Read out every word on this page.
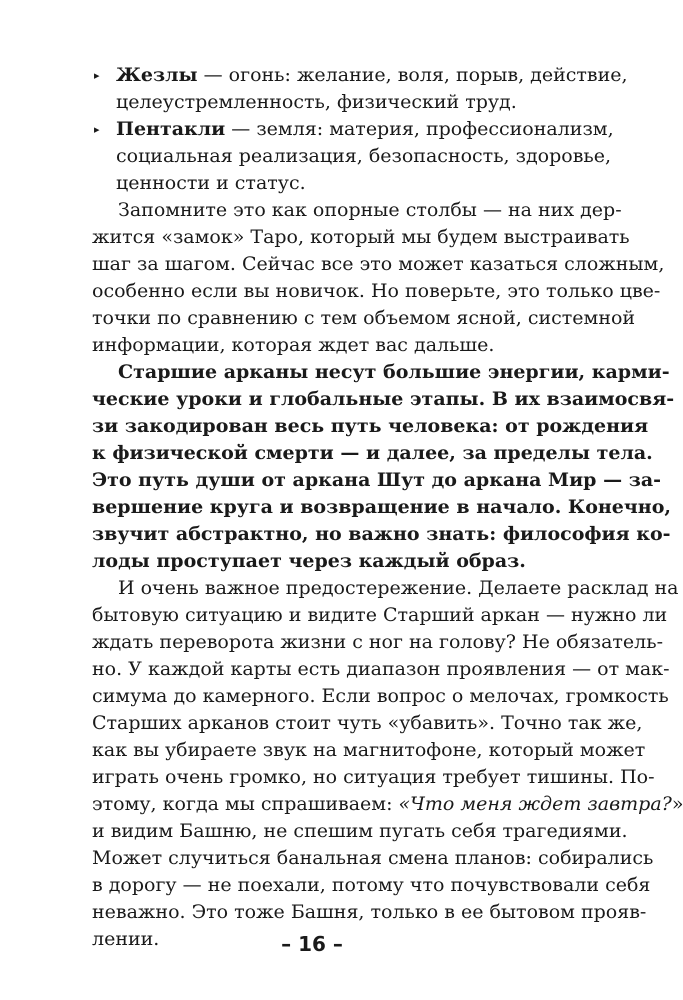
▸ Жезлы — огонь: желание, воля, порыв, действие,
целеустремленность, физический труд.
▸ Пентакли — земля: материя, профессионализм,
социальная реализация, безопасность, здоровье,
ценности и статус.
Запомните это как опорные столбы — на них дер-
жится «замок» Таро, который мы будем выстраивать
шаг за шагом. Сейчас все это может казаться сложным,
особенно если вы новичок. Но поверьте, это только цве-
точки по сравнению с тем объемом ясной, системной
информации, которая ждет вас дальше.
Старшие арканы несут большие энергии, карми-
ческие уроки и глобальные этапы. В их взаимосвя-
зи закодирован весь путь человека: от рождения
к физической смерти — и далее, за пределы тела.
Это путь души от аркана Шут до аркана Мир — за-
вершение круга и возвращение в начало. Конечно,
звучит абстрактно, но важно знать: философия ко-
лоды проступает через каждый образ.
И очень важное предостережение. Делаете расклад на
бытовую ситуацию и видите Старший аркан — нужно ли
ждать переворота жизни с ног на голову? Не обязатель-
но. У каждой карты есть диапазон проявления — от мак-
симума до камерного. Если вопрос о мелочах, громкость
Старших арканов стоит чуть «убавить». Точно так же,
как вы убираете звук на магнитофоне, который может
играть очень громко, но ситуация требует тишины. По-
этому, когда мы спрашиваем: «Что меня ждет завтра?»
и видим Башню, не спешим пугать себя трагедиями.
Может случиться банальная смена планов: собирались
в дорогу — не поехали, потому что почувствовали себя
неважно. Это тоже Башня, только в ее бытовом прояв-
лении.	– 16 –
